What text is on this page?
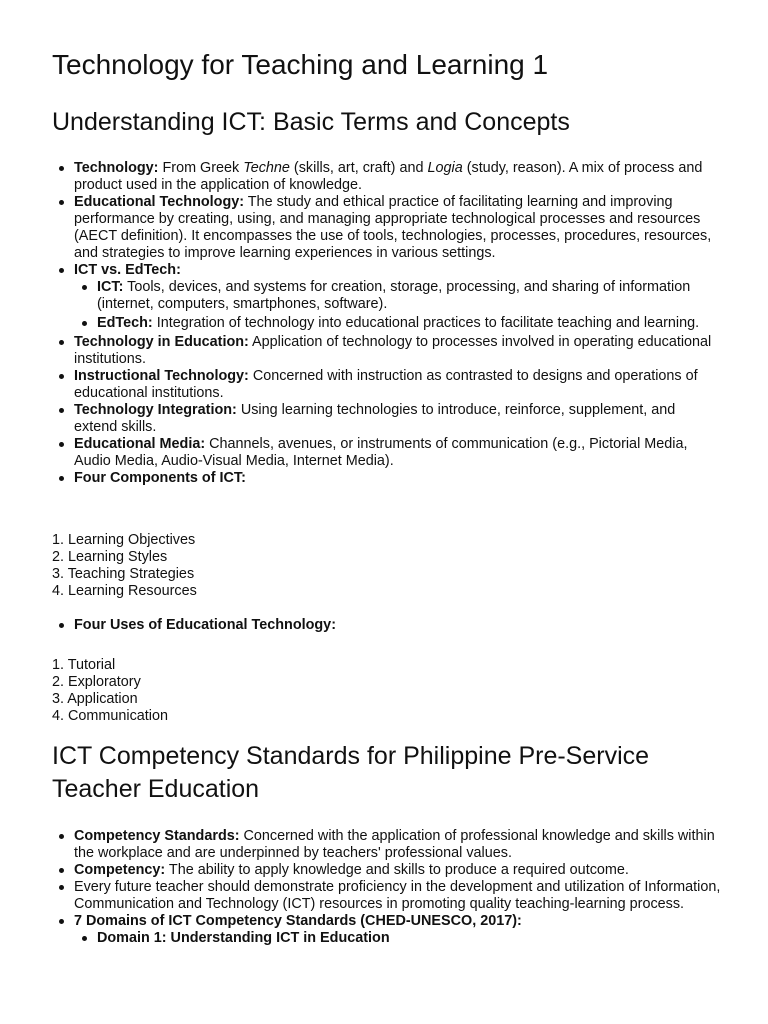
Technology for Teaching and Learning 1
Understanding ICT: Basic Terms and Concepts
Technology: From Greek Techne (skills, art, craft) and Logia (study, reason). A mix of process and product used in the application of knowledge.
Educational Technology: The study and ethical practice of facilitating learning and improving performance by creating, using, and managing appropriate technological processes and resources (AECT definition). It encompasses the use of tools, technologies, processes, procedures, resources, and strategies to improve learning experiences in various settings.
ICT vs. EdTech:
ICT: Tools, devices, and systems for creation, storage, processing, and sharing of information (internet, computers, smartphones, software).
EdTech: Integration of technology into educational practices to facilitate teaching and learning.
Technology in Education: Application of technology to processes involved in operating educational institutions.
Instructional Technology: Concerned with instruction as contrasted to designs and operations of educational institutions.
Technology Integration: Using learning technologies to introduce, reinforce, supplement, and extend skills.
Educational Media: Channels, avenues, or instruments of communication (e.g., Pictorial Media, Audio Media, Audio-Visual Media, Internet Media).
Four Components of ICT:
1. Learning Objectives
2. Learning Styles
3. Teaching Strategies
4. Learning Resources
Four Uses of Educational Technology:
1. Tutorial
2. Exploratory
3. Application
4. Communication
ICT Competency Standards for Philippine Pre-Service Teacher Education
Competency Standards: Concerned with the application of professional knowledge and skills within the workplace and are underpinned by teachers' professional values.
Competency: The ability to apply knowledge and skills to produce a required outcome.
Every future teacher should demonstrate proficiency in the development and utilization of Information, Communication and Technology (ICT) resources in promoting quality teaching-learning process.
7 Domains of ICT Competency Standards (CHED-UNESCO, 2017):
Domain 1: Understanding ICT in Education
